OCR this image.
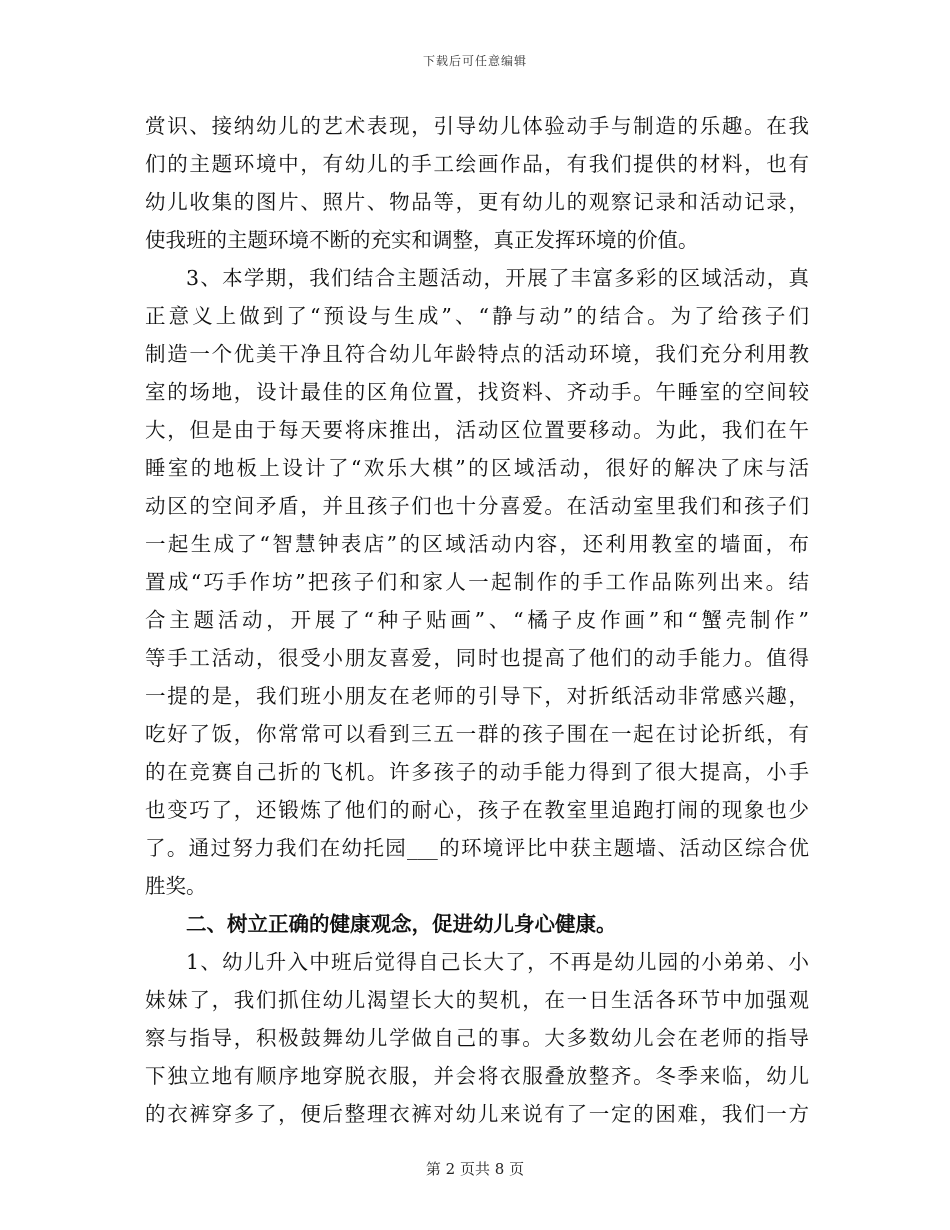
下载后可任意编辑
赏识、接纳幼儿的艺术表现，引导幼儿体验动手与制造的乐趣。在我
们的主题环境中，有幼儿的手工绘画作品，有我们提供的材料，也有
幼儿收集的图片、照片、物品等，更有幼儿的观察记录和活动记录，
使我班的主题环境不断的充实和调整，真正发挥环境的价值。
3、本学期，我们结合主题活动，开展了丰富多彩的区域活动，真
正意义上做到了“预设与生成”、“静与动”的结合。为了给孩子们
制造一个优美干净且符合幼儿年龄特点的活动环境，我们充分利用教
室的场地，设计最佳的区角位置，找资料、齐动手。午睡室的空间较
大，但是由于每天要将床推出，活动区位置要移动。为此，我们在午
睡室的地板上设计了“欢乐大棋”的区域活动，很好的解决了床与活
动区的空间矛盾，并且孩子们也十分喜爱。在活动室里我们和孩子们
一起生成了“智慧钟表店”的区域活动内容，还利用教室的墙面，布
置成“巧手作坊”把孩子们和家人一起制作的手工作品陈列出来。结
合主题活动，开展了“种子贴画”、“橘子皮作画”和“蟹壳制作”
等手工活动，很受小朋友喜爱，同时也提高了他们的动手能力。值得
一提的是，我们班小朋友在老师的引导下，对折纸活动非常感兴趣，
吃好了饭，你常常可以看到三五一群的孩子围在一起在讨论折纸，有
的在竞赛自己折的飞机。许多孩子的动手能力得到了很大提高，小手
也变巧了，还锻炼了他们的耐心，孩子在教室里追跑打闹的现象也少
了。通过努力我们在幼托园___的环境评比中获主题墙、活动区综合优
胜奖。
二、树立正确的健康观念，促进幼儿身心健康。
1、幼儿升入中班后觉得自己长大了，不再是幼儿园的小弟弟、小
妹妹了，我们抓住幼儿渴望长大的契机，在一日生活各环节中加强观
察与指导，积极鼓舞幼儿学做自己的事。大多数幼儿会在老师的指导
下独立地有顺序地穿脱衣服，并会将衣服叠放整齐。冬季来临，幼儿
的衣裤穿多了，便后整理衣裤对幼儿来说有了一定的困难，我们一方
第 2 页共 8 页
